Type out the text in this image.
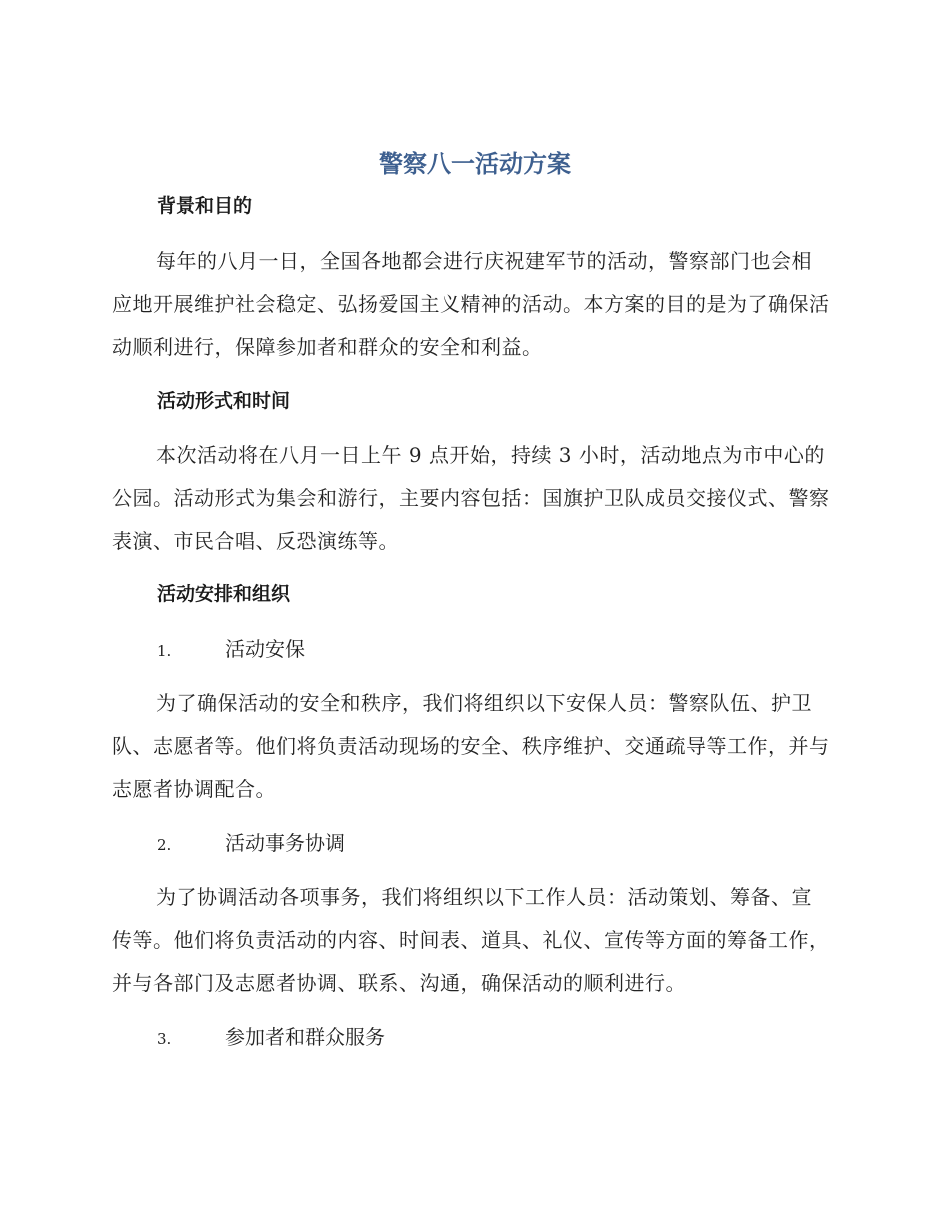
警察八一活动方案
背景和目的

每年的八月一日，全国各地都会进行庆祝建军节的活动，警察部门也会相应地开展维护社会稳定、弘扬爱国主义精神的活动。本方案的目的是为了确保活动顺利进行，保障参加者和群众的安全和利益。

活动形式和时间

本次活动将在八月一日上午 9 点开始，持续 3 小时，活动地点为市中心的公园。活动形式为集会和游行，主要内容包括：国旗护卫队成员交接仪式、警察表演、市民合唱、反恐演练等。

活动安排和组织
1.	活动安保

为了确保活动的安全和秩序，我们将组织以下安保人员：警察队伍、护卫队、志愿者等。他们将负责活动现场的安全、秩序维护、交通疏导等工作，并与志愿者协调配合。

2.	活动事务协调

为了协调活动各项事务，我们将组织以下工作人员：活动策划、筹备、宣传等。他们将负责活动的内容、时间表、道具、礼仪、宣传等方面的筹备工作，并与各部门及志愿者协调、联系、沟通，确保活动的顺利进行。

3.	参加者和群众服务
